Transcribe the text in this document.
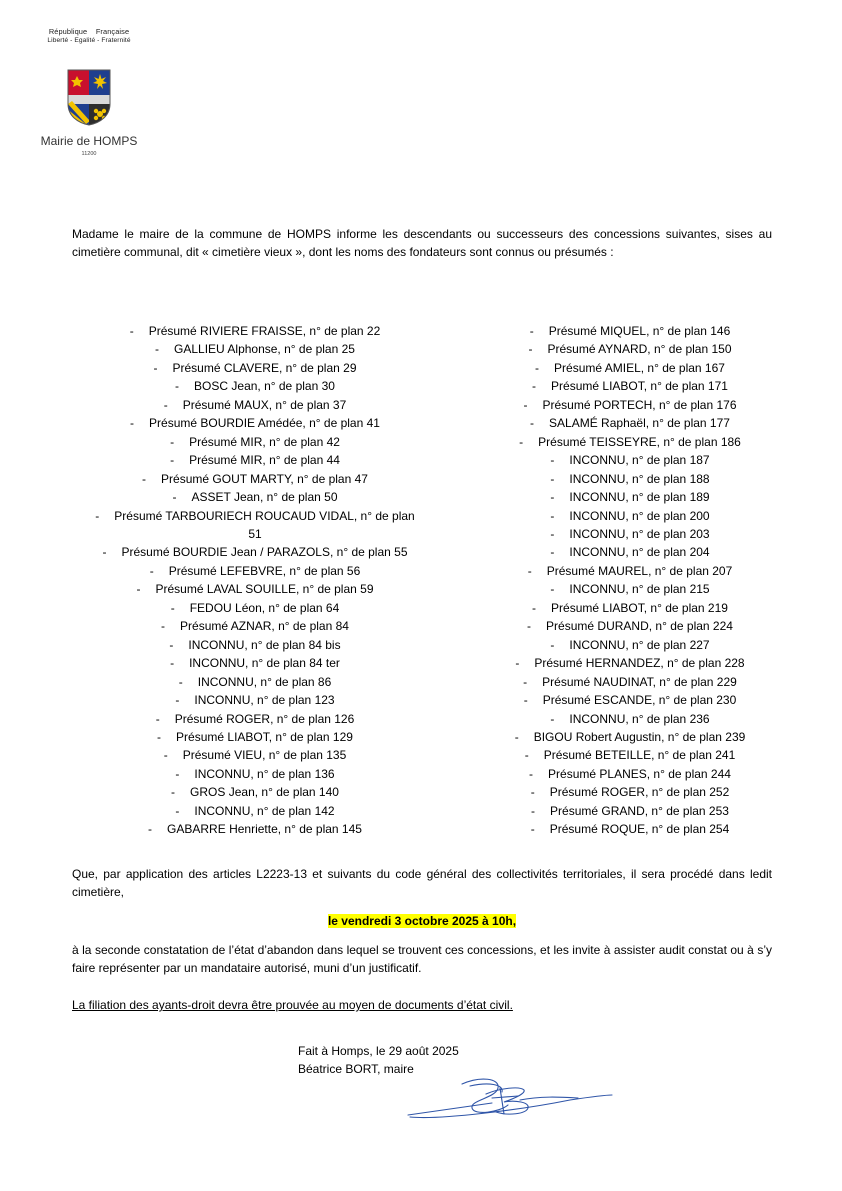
République    Française
Liberté - Egalité - Fraternité
Mairie de HOMPS
11200

Madame le maire de la commune de HOMPS informe les descendants ou successeurs des concessions suivantes, sises au cimetière communal, dit « cimetière vieux », dont les noms des fondateurs sont connus ou présumés :

- Présumé RIVIERE FRAISSE, n° de plan 22
- GALLIEU Alphonse, n° de plan 25
- Présumé CLAVERE, n° de plan 29
- BOSC Jean, n° de plan 30
- Présumé MAUX, n° de plan 37
- Présumé BOURDIE Amédée, n° de plan 41
- Présumé MIR, n° de plan 42
- Présumé MIR, n° de plan 44
- Présumé GOUT MARTY, n° de plan 47
- ASSET Jean, n° de plan 50
- Présumé TARBOURIECH ROUCAUD VIDAL, n° de plan 51
- Présumé BOURDIE Jean / PARAZOLS, n° de plan 55
- Présumé LEFEBVRE, n° de plan 56
- Présumé LAVAL SOUILLE, n° de plan 59
- FEDOU Léon, n° de plan 64
- Présumé AZNAR, n° de plan 84
- INCONNU, n° de plan 84 bis
- INCONNU, n° de plan 84 ter
- INCONNU, n° de plan 86
- INCONNU, n° de plan 123
- Présumé ROGER, n° de plan 126
- Présumé LIABOT, n° de plan 129
- Présumé VIEU, n° de plan 135
- INCONNU, n° de plan 136
- GROS Jean, n° de plan 140
- INCONNU, n° de plan 142
- GABARRE Henriette, n° de plan 145
- Présumé MIQUEL, n° de plan 146
- Présumé AYNARD, n° de plan 150
- Présumé AMIEL, n° de plan 167
- Présumé LIABOT, n° de plan 171
- Présumé PORTECH, n° de plan 176
- SALAMÉ Raphaël, n° de plan 177
- Présumé TEISSEYRE, n° de plan 186
- INCONNU, n° de plan 187
- INCONNU, n° de plan 188
- INCONNU, n° de plan 189
- INCONNU, n° de plan 200
- INCONNU, n° de plan 203
- INCONNU, n° de plan 204
- Présumé MAUREL, n° de plan 207
- INCONNU, n° de plan 215
- Présumé LIABOT, n° de plan 219
- Présumé DURAND, n° de plan 224
- INCONNU, n° de plan 227
- Présumé HERNANDEZ, n° de plan 228
- Présumé NAUDINAT, n° de plan 229
- Présumé ESCANDE, n° de plan 230
- INCONNU, n° de plan 236
- BIGOU Robert Augustin, n° de plan 239
- Présumé BETEILLE, n° de plan 241
- Présumé PLANES, n° de plan 244
- Présumé ROGER, n° de plan 252
- Présumé GRAND, n° de plan 253
- Présumé ROQUE, n° de plan 254

Que, par application des articles L2223-13 et suivants du code général des collectivités territoriales, il sera procédé dans ledit cimetière,

le vendredi 3 octobre 2025 à 10h,

à la seconde constatation de l’état d’abandon dans lequel se trouvent ces concessions, et les invite à assister audit constat ou à s’y faire représenter par un mandataire autorisé, muni d’un justificatif.

La filiation des ayants-droit devra être prouvée au moyen de documents d’état civil.

Fait à Homps, le 29 août 2025
Béatrice BORT, maire
